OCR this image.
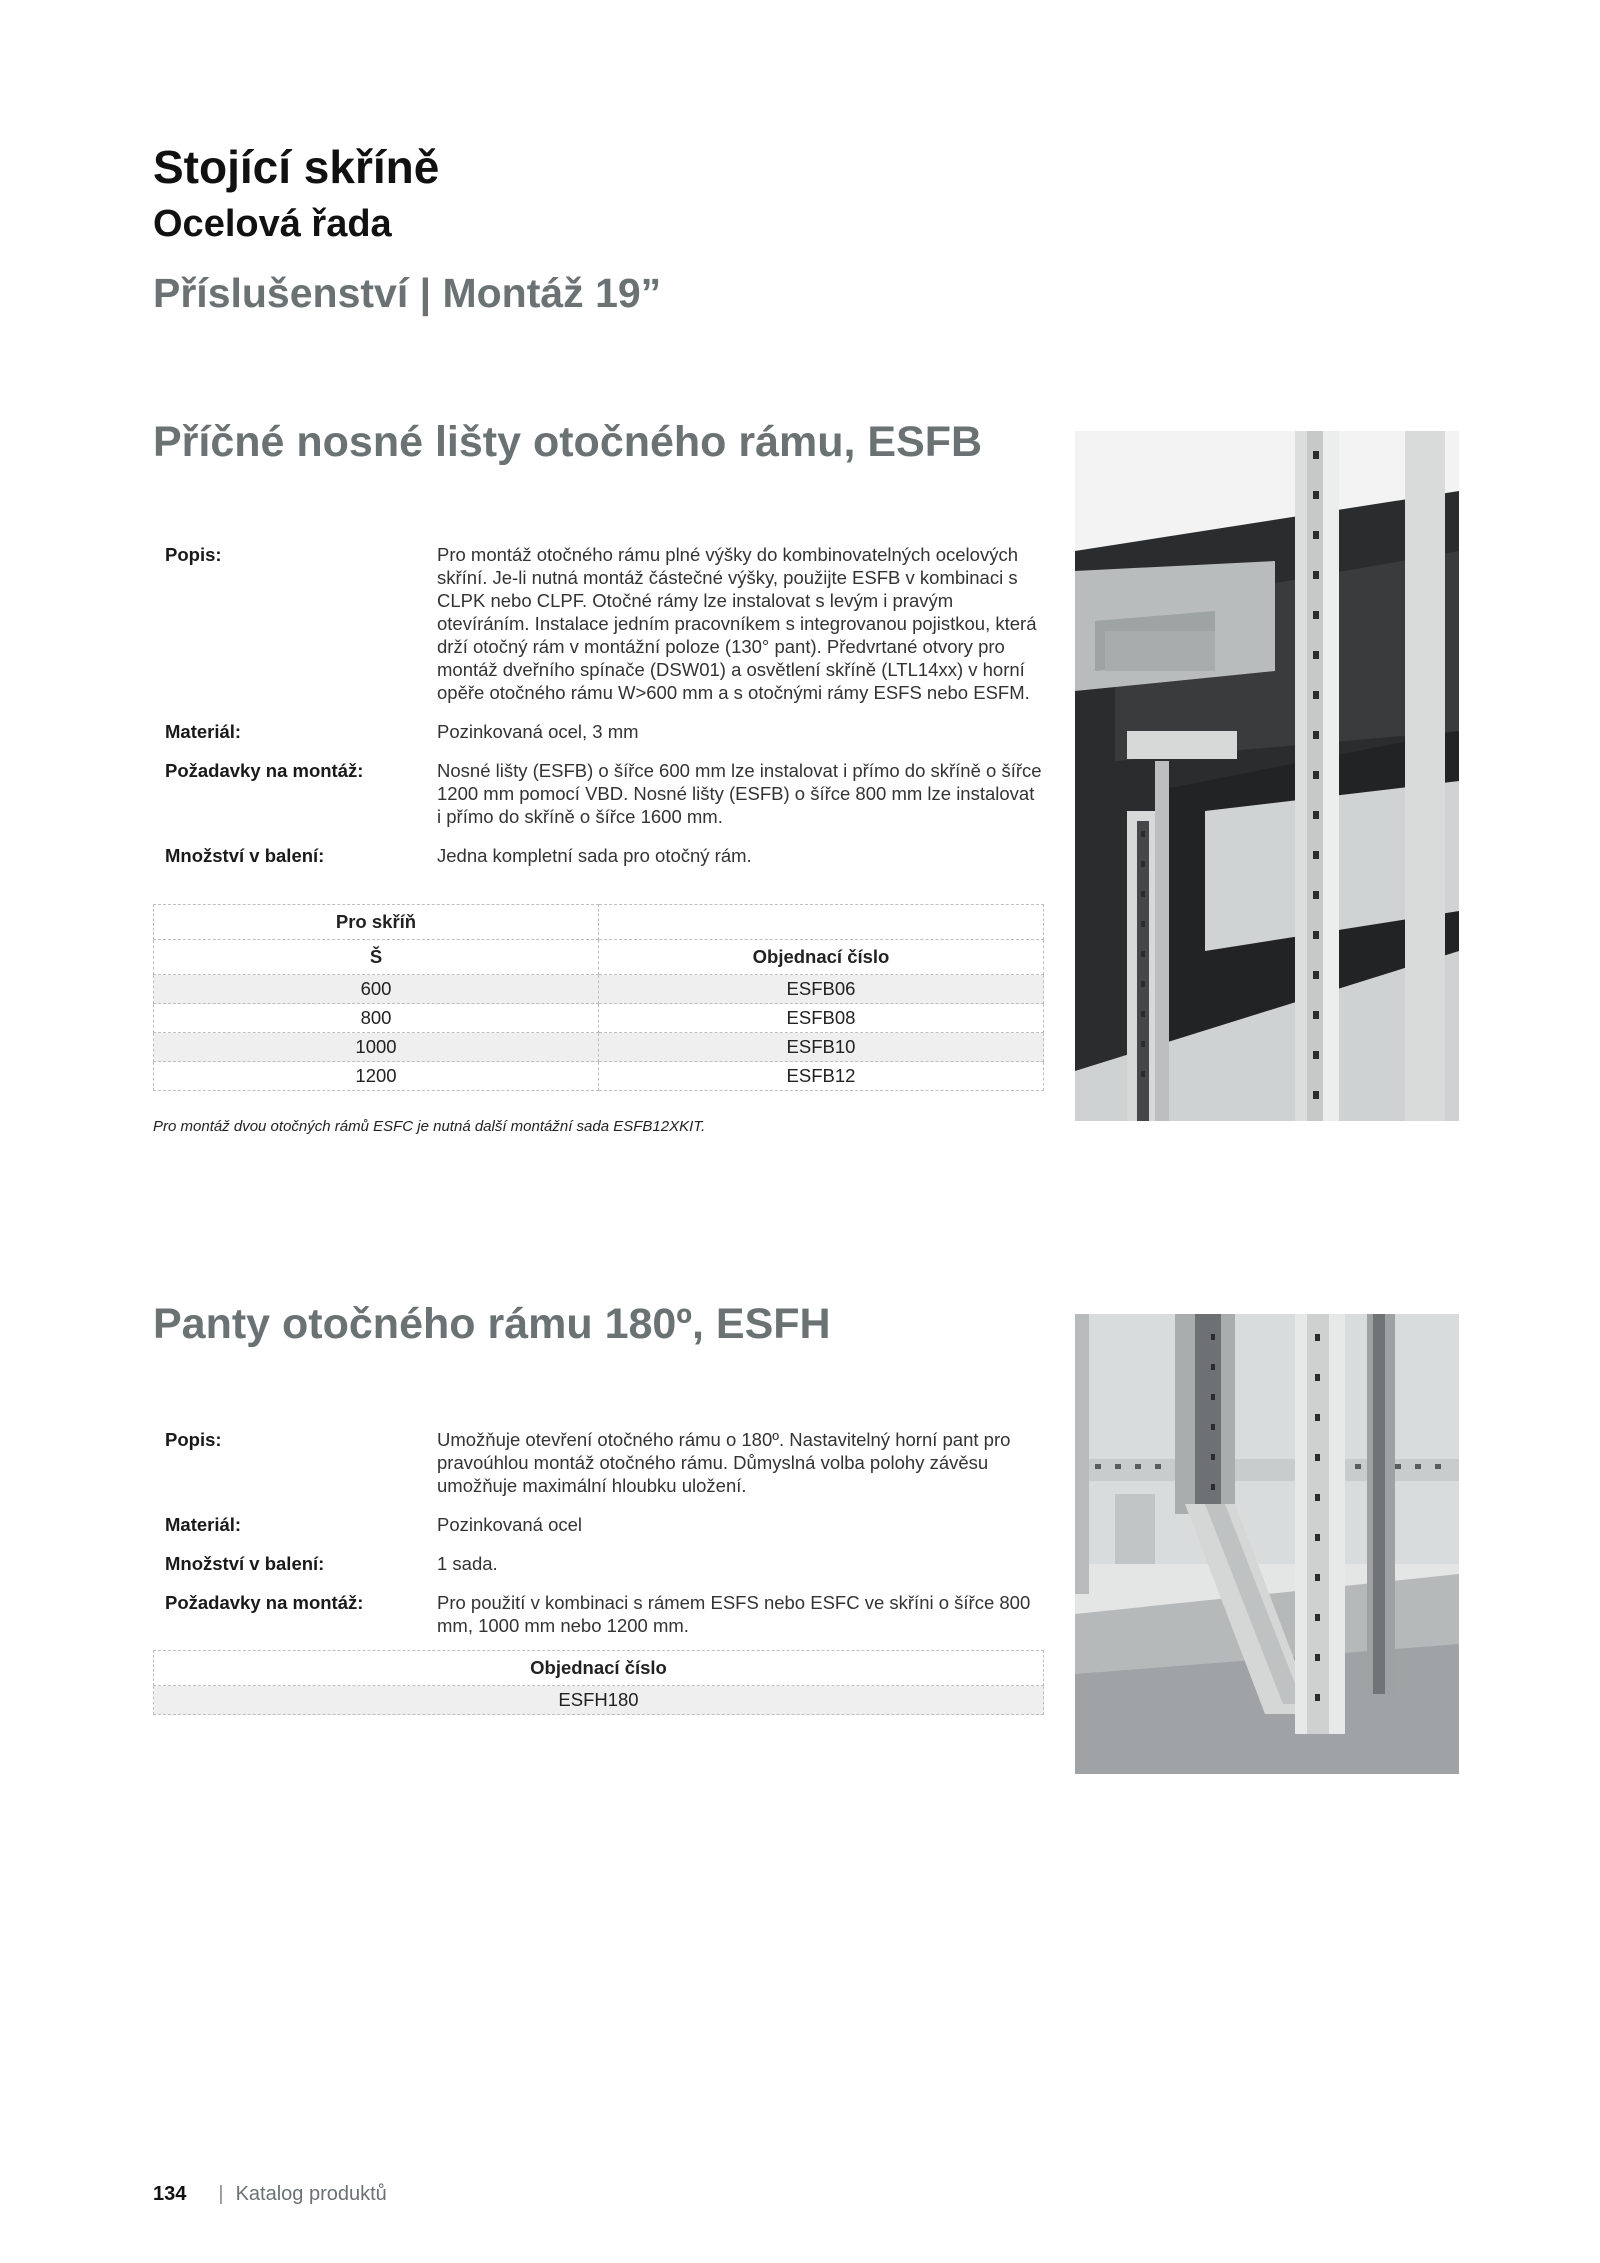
Stojící skříně
Ocelová řada
Příslušenství | Montáž 19”
Příčné nosné lišty otočného rámu, ESFB
Popis:	Pro montáž otočného rámu plné výšky do kombinovatelných ocelových skříní. Je-li nutná montáž částečné výšky, použijte ESFB v kombinaci s CLPK nebo CLPF. Otočné rámy lze instalovat s levým i pravým otevíráním. Instalace jedním pracovníkem s integrovanou pojistkou, která drží otočný rám v montážní poloze (130° pant). Předvrtané otvory pro montáž dveřního spínače (DSW01) a osvětlení skříně (LTL14xx) v horní opěře otočného rámu W>600 mm a s otočnými rámy ESFS nebo ESFM.
Materiál:	Pozinkovaná ocel, 3 mm
Požadavky na montáž:	Nosné lišty (ESFB) o šířce 600 mm lze instalovat i přímo do skříně o šířce 1200 mm pomocí VBD. Nosné lišty (ESFB) o šířce 800 mm lze instalovat i přímo do skříně o šířce 1600 mm.
Množství v balení:	Jedna kompletní sada pro otočný rám.
Pro skříň	
Š	Objednací číslo
600	ESFB06
800	ESFB08
1000	ESFB10
1200	ESFB12
Pro montáž dvou otočných rámů ESFC je nutná další montážní sada ESFB12XKIT.
Panty otočného rámu 180º, ESFH
Popis:	Umožňuje otevření otočného rámu o 180º. Nastavitelný horní pant pro pravoúhlou montáž otočného rámu. Důmyslná volba polohy závěsu umožňuje maximální hloubku uložení.
Materiál:	Pozinkovaná ocel
Množství v balení:	1 sada.
Požadavky na montáž:	Pro použití v kombinaci s rámem ESFS nebo ESFC ve skříni o šířce 800 mm, 1000 mm nebo 1200 mm.
Objednací číslo
ESFH180
134 | Katalog produktů
